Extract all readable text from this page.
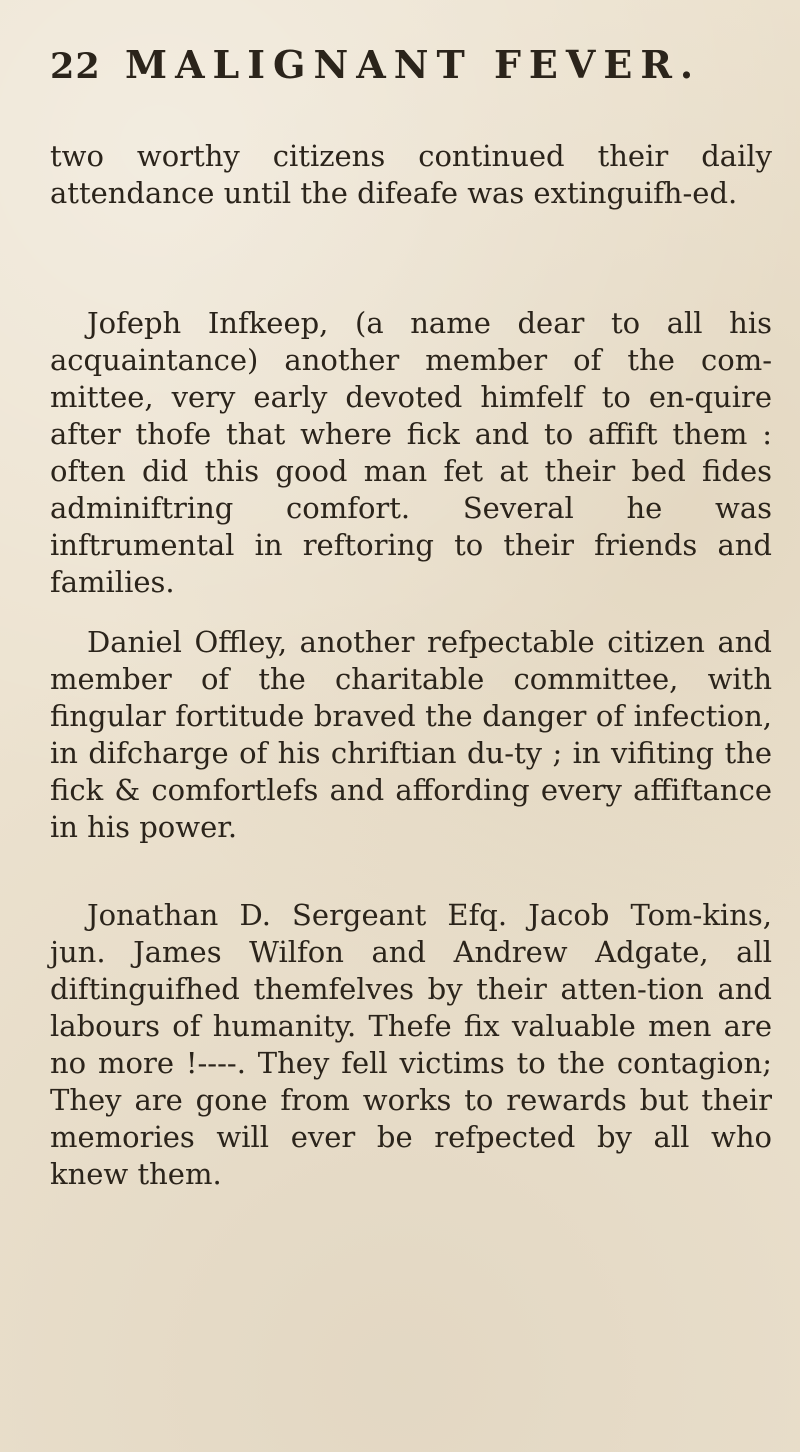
22 MALIGNANT FEVER.

two worthy citizens continued their daily attendance until the difeafe was extinguifh-ed.

Jofeph Infkeep, (a name dear to all his acquaintance) another member of the com-mittee, very early devoted himfelf to en-quire after thofe that where fick and to affift them : often did this good man fet at their bed fides adminiftring comfort. Several he was inftrumental in reftoring to their friends and families.

Daniel Offley, another refpectable citizen and member of the charitable committee, with fingular fortitude braved the danger of infection, in difcharge of his chriftian du-ty ; in vifiting the fick & comfortlefs and affording every affiftance in his power.

Jonathan D. Sergeant Efq. Jacob Tom-kins, jun. James Wilfon and Andrew Adgate, all diftinguifhed themfelves by their atten-tion and labours of humanity. Thefe fix valuable men are no more !----. They fell victims to the contagion; They are gone from works to rewards but their memories will ever be refpected by all who knew them.
